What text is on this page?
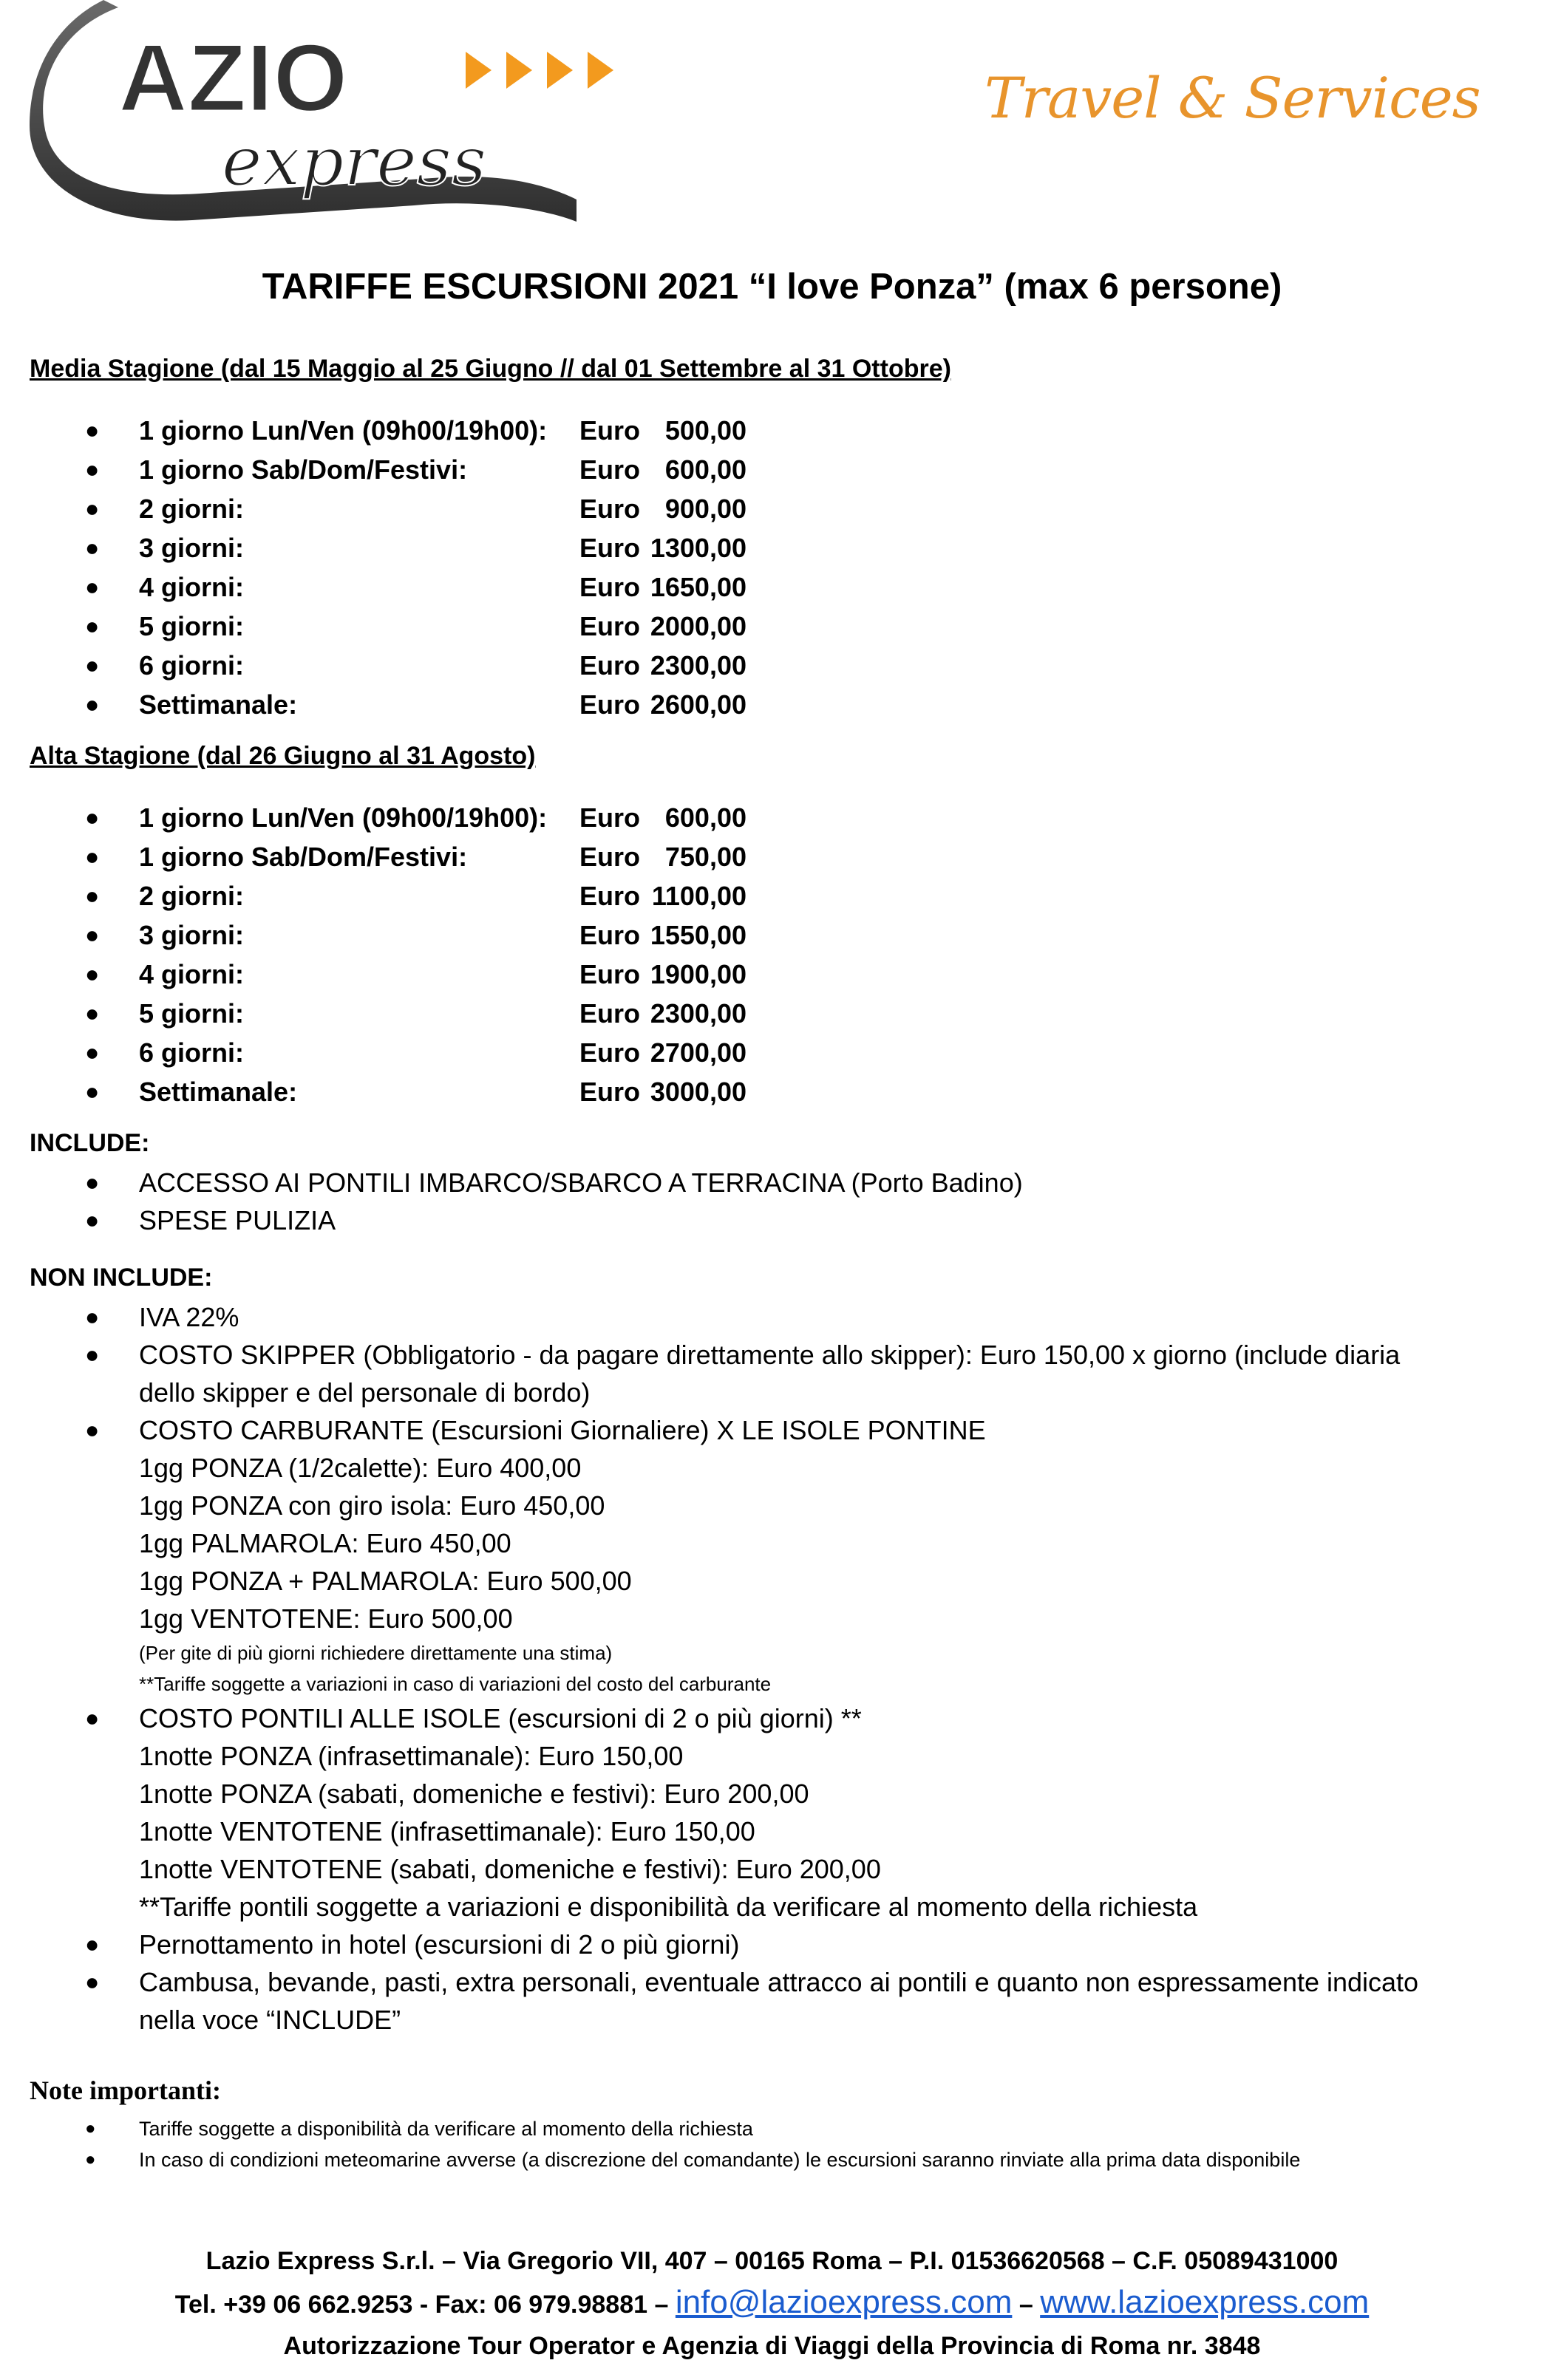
AZIO
express
Travel & Services
TARIFFE ESCURSIONI 2021 “I love Ponza” (max 6 persone)
Media Stagione (dal 15 Maggio al 25 Giugno // dal 01 Settembre al 31 Ottobre)
● 1 giorno Lun/Ven (09h00/19h00): Euro 500,00
● 1 giorno Sab/Dom/Festivi:	Euro 600,00
● 2 giorni:	Euro 900,00
● 3 giorni:	Euro 1300,00
● 4 giorni:	Euro 1650,00
● 5 giorni:	Euro 2000,00
● 6 giorni:	Euro 2300,00
● Settimanale:	Euro 2600,00
Alta Stagione (dal 26 Giugno al 31 Agosto)
● 1 giorno Lun/Ven (09h00/19h00): Euro 600,00
● 1 giorno Sab/Dom/Festivi:	Euro 750,00
● 2 giorni:	Euro 1100,00
● 3 giorni:	Euro 1550,00
● 4 giorni:	Euro 1900,00
● 5 giorni:	Euro 2300,00
● 6 giorni:	Euro 2700,00
● Settimanale:	Euro 3000,00
INCLUDE:
● ACCESSO AI PONTILI IMBARCO/SBARCO A TERRACINA (Porto Badino)
● SPESE PULIZIA
NON INCLUDE:
● IVA 22%
● COSTO SKIPPER (Obbligatorio - da pagare direttamente allo skipper): Euro 150,00 x giorno (include diaria
dello skipper e del personale di bordo)
● COSTO CARBURANTE (Escursioni Giornaliere) X LE ISOLE PONTINE
1gg PONZA (1/2calette): Euro 400,00
1gg PONZA con giro isola: Euro 450,00
1gg PALMAROLA: Euro 450,00
1gg PONZA + PALMAROLA: Euro 500,00
1gg VENTOTENE: Euro 500,00
(Per gite di più giorni richiedere direttamente una stima)
**Tariffe soggette a variazioni in caso di variazioni del costo del carburante
● COSTO PONTILI ALLE ISOLE (escursioni di 2 o più giorni) **
1notte PONZA (infrasettimanale): Euro 150,00
1notte PONZA (sabati, domeniche e festivi): Euro 200,00
1notte VENTOTENE (infrasettimanale): Euro 150,00
1notte VENTOTENE (sabati, domeniche e festivi): Euro 200,00
**Tariffe pontili soggette a variazioni e disponibilità da verificare al momento della richiesta
● Pernottamento in hotel (escursioni di 2 o più giorni)
● Cambusa, bevande, pasti, extra personali, eventuale attracco ai pontili e quanto non espressamente indicato
nella voce “INCLUDE”
Note importanti:
● Tariffe soggette a disponibilità da verificare al momento della richiesta
● In caso di condizioni meteomarine avverse (a discrezione del comandante) le escursioni saranno rinviate alla prima data disponibile
Lazio Express S.r.l. – Via Gregorio VII, 407 – 00165 Roma – P.I. 01536620568 – C.F. 05089431000
Tel. +39 06 662.9253 - Fax: 06 979.98881 – info@lazioexpress.com – www.lazioexpress.com
Autorizzazione Tour Operator e Agenzia di Viaggi della Provincia di Roma nr. 3848
